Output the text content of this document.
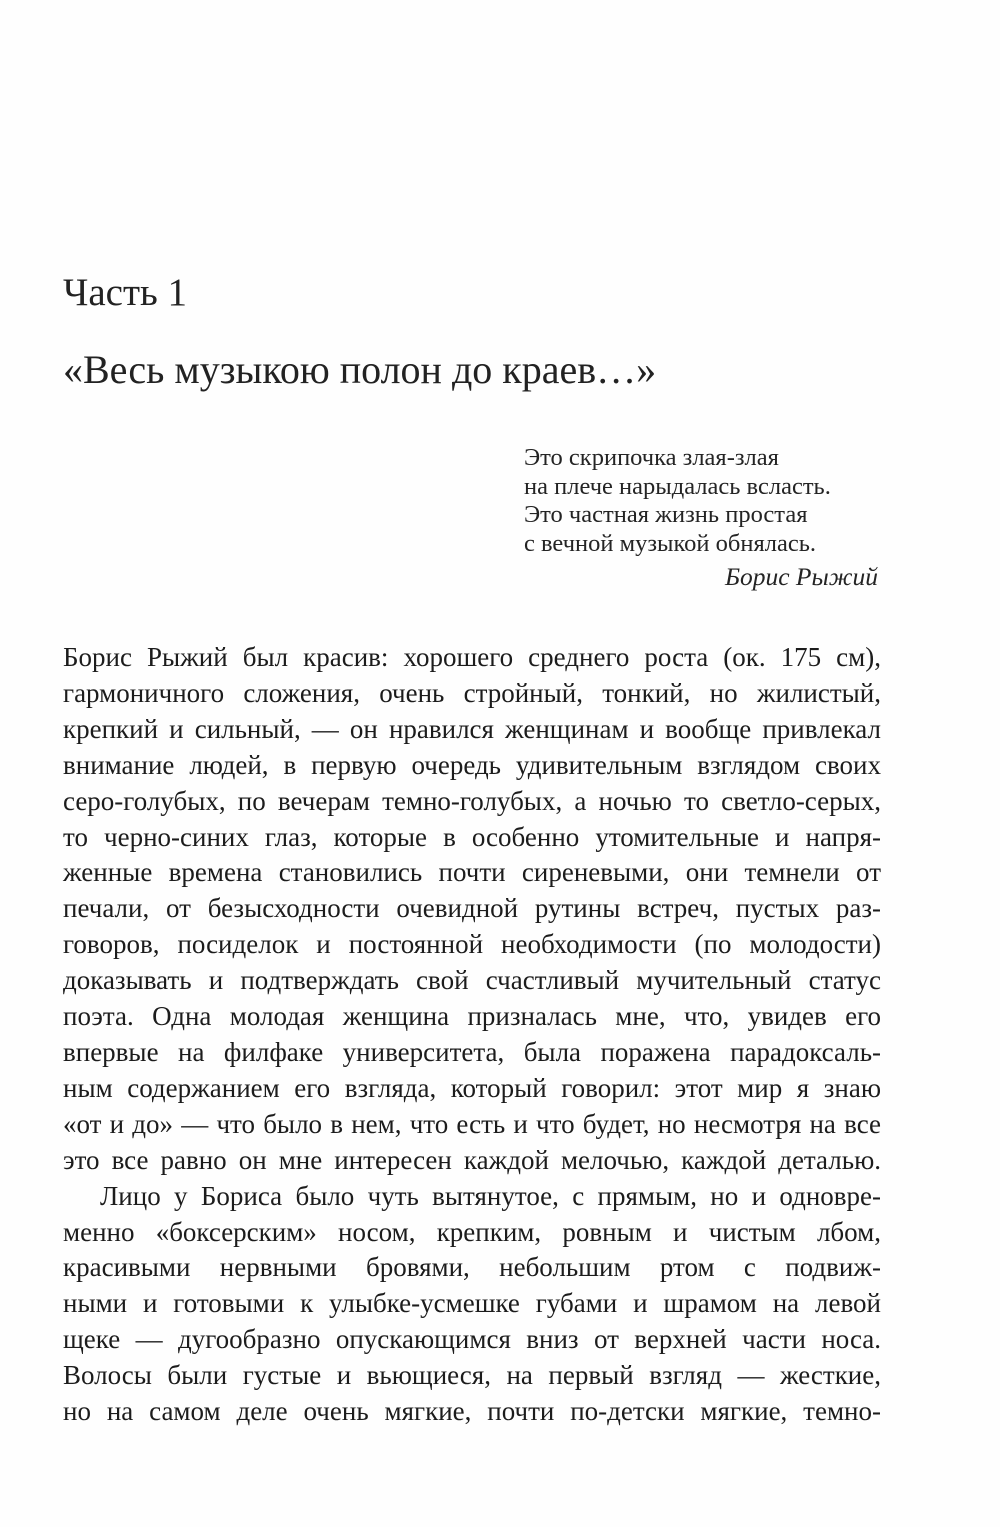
Часть 1
«Весь музыкою полон до краев…»
Это скрипочка злая-злая
на плече нарыдалась всласть.
Это частная жизнь простая
с вечной музыкой обнялась.
Борис Рыжий
Борис Рыжий был красив: хорошего среднего роста (ок. 175 см),
гармоничного сложения, очень стройный, тонкий, но жилистый,
крепкий и сильный, — он нравился женщинам и вообще привлекал
внимание людей, в первую очередь удивительным взглядом своих
серо-голубых, по вечерам темно-голубых, а ночью то светло-серых,
то черно-синих глаз, которые в особенно утомительные и напря-
женные времена становились почти сиреневыми, они темнели от
печали, от безысходности очевидной рутины встреч, пустых раз-
говоров, посиделок и постоянной необходимости (по молодости)
доказывать и подтверждать свой счастливый мучительный статус
поэта. Одна молодая женщина призналась мне, что, увидев его
впервые на филфаке университета, была поражена парадоксаль-
ным содержанием его взгляда, который говорил: этот мир я знаю
«от и до» — что было в нем, что есть и что будет, но несмотря на все
это все равно он мне интересен каждой мелочью, каждой деталью.
Лицо у Бориса было чуть вытянутое, с прямым, но и одновре-
менно «боксерским» носом, крепким, ровным и чистым лбом,
красивыми нервными бровями, небольшим ртом с подвиж-
ными и готовыми к улыбке-усмешке губами и шрамом на левой
щеке — дугообразно опускающимся вниз от верхней части носа.
Волосы были густые и вьющиеся, на первый взгляд — жесткие,
но на самом деле очень мягкие, почти по-детски мягкие, темно-
